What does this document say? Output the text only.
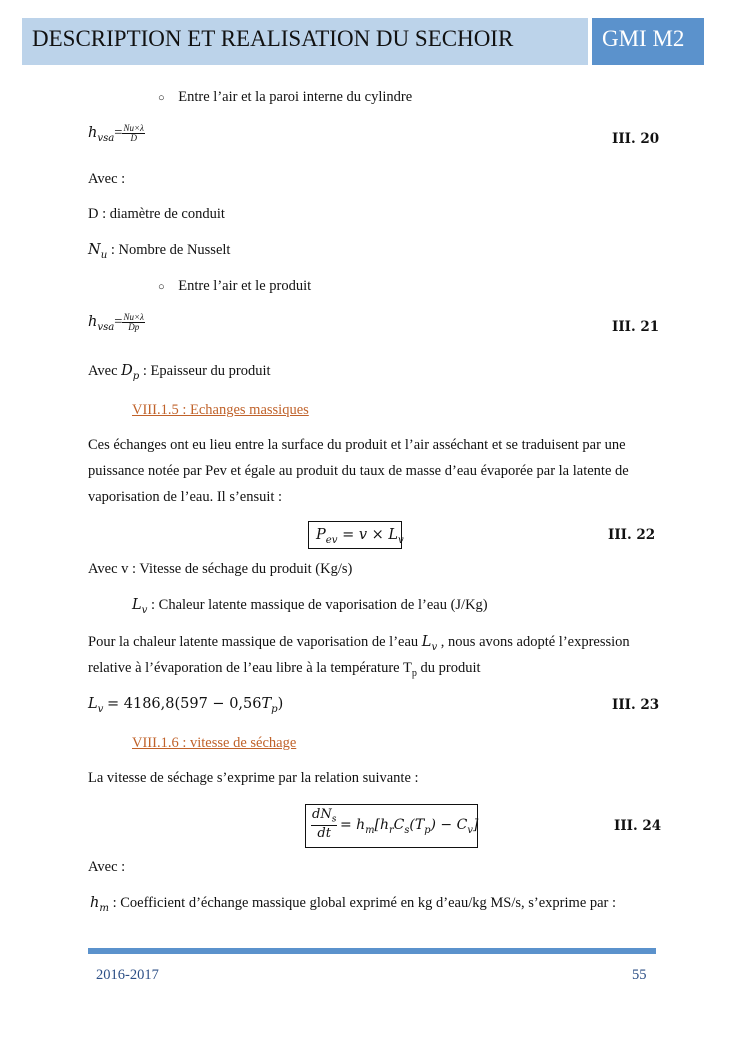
DESCRIPTION ET REALISATION DU SECHOIR	GMI M2
○ Entre l’air et la paroi interne du cylindre
$h_{vsa}= \frac{Nu\times\lambda}{D}$	III. 20
Avec :
D : diamètre de conduit
$N_u$ : Nombre de Nusselt
○ Entre l’air et le produit
$h_{vsa}= \frac{Nu\times\lambda}{Dp}$	III. 21
Avec $D_p$ : Epaisseur du produit
VIII.1.5 : Echanges massiques
Ces échanges ont eu lieu entre la surface du produit et l’air asséchant et se traduisent par une
puissance notée par Pev et égale au produit du taux de masse d’eau évaporée par la latente de
vaporisation de l’eau. Il s’ensuit :
$P_{ev} = v \times L_v$	III. 22
Avec v : Vitesse de séchage du produit (Kg/s)
$L_v$ : Chaleur latente massique de vaporisation de l’eau (J/Kg)
Pour la chaleur latente massique de vaporisation de l’eau $L_v$ , nous avons adopté l’expression
relative à l’évaporation de l’eau libre à la température $T_p$ du produit
$L_v = 4186,8(597 - 0,56T_p)$	III. 23
VIII.1.6 : vitesse de séchage
La vitesse de séchage s’exprime par la relation suivante :
$dN_s$
dt
= $h_m[h_rC_s(T_p) - C_v]$	III. 24
Avec :
$h_m$ : Coefficient d’échange massique global exprimé en kg d’eau/kg MS/s, s’exprime par :
2016-2017	55
